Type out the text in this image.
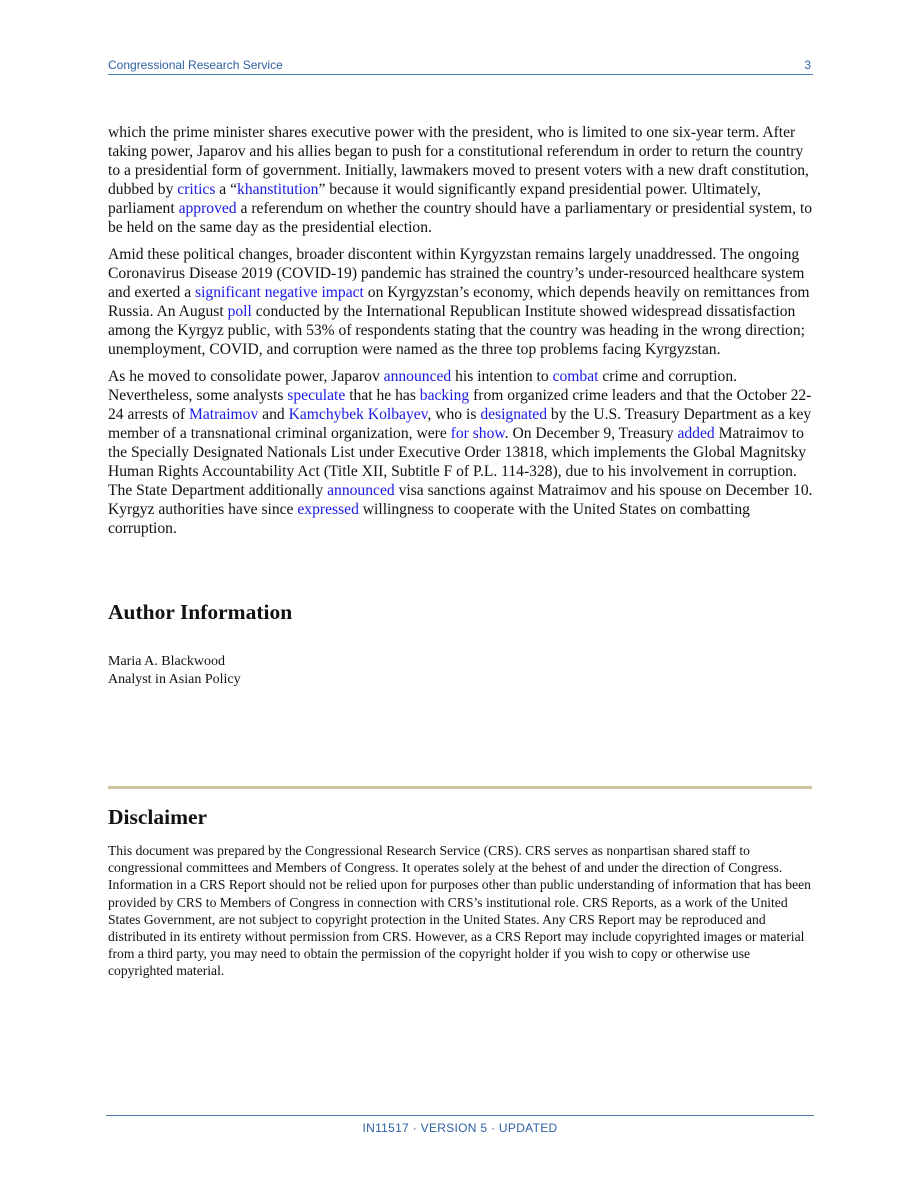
Congressional Research Service	3

which the prime minister shares executive power with the president, who is limited to one six-year term. After taking power, Japarov and his allies began to push for a constitutional referendum in order to return the country to a presidential form of government. Initially, lawmakers moved to present voters with a new draft constitution, dubbed by critics a “khanstitution” because it would significantly expand presidential power. Ultimately, parliament approved a referendum on whether the country should have a parliamentary or presidential system, to be held on the same day as the presidential election.

Amid these political changes, broader discontent within Kyrgyzstan remains largely unaddressed. The ongoing Coronavirus Disease 2019 (COVID-19) pandemic has strained the country’s under-resourced healthcare system and exerted a significant negative impact on Kyrgyzstan’s economy, which depends heavily on remittances from Russia. An August poll conducted by the International Republican Institute showed widespread dissatisfaction among the Kyrgyz public, with 53% of respondents stating that the country was heading in the wrong direction; unemployment, COVID, and corruption were named as the three top problems facing Kyrgyzstan.

As he moved to consolidate power, Japarov announced his intention to combat crime and corruption. Nevertheless, some analysts speculate that he has backing from organized crime leaders and that the October 22-24 arrests of Matraimov and Kamchybek Kolbayev, who is designated by the U.S. Treasury Department as a key member of a transnational criminal organization, were for show. On December 9, Treasury added Matraimov to the Specially Designated Nationals List under Executive Order 13818, which implements the Global Magnitsky Human Rights Accountability Act (Title XII, Subtitle F of P.L. 114-328), due to his involvement in corruption. The State Department additionally announced visa sanctions against Matraimov and his spouse on December 10. Kyrgyz authorities have since expressed willingness to cooperate with the United States on combatting corruption.

Author Information
Maria A. Blackwood
Analyst in Asian Policy
Disclaimer
This document was prepared by the Congressional Research Service (CRS). CRS serves as nonpartisan shared staff to congressional committees and Members of Congress. It operates solely at the behest of and under the direction of Congress. Information in a CRS Report should not be relied upon for purposes other than public understanding of information that has been provided by CRS to Members of Congress in connection with CRS’s institutional role. CRS Reports, as a work of the United States Government, are not subject to copyright protection in the United States. Any CRS Report may be reproduced and distributed in its entirety without permission from CRS. However, as a CRS Report may include copyrighted images or material from a third party, you may need to obtain the permission of the copyright holder if you wish to copy or otherwise use copyrighted material.
IN11517 · VERSION 5 · UPDATED
